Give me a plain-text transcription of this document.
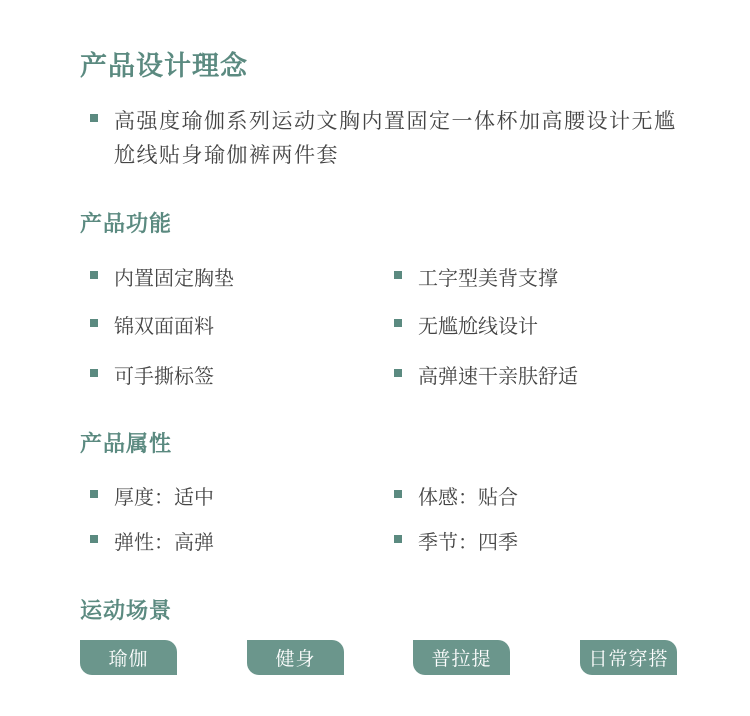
产品设计理念
高强度瑜伽系列运动文胸内置固定一体杯加高腰设计无尴尬线贴身瑜伽裤两件套
产品功能
内置固定胸垫	工字型美背支撑
锦双面面料	无尴尬线设计
可手撕标签	高弹速干亲肤舒适
产品属性
厚度：适中	体感：贴合
弹性：高弹	季节：四季
运动场景
瑜伽	健身	普拉提	日常穿搭
